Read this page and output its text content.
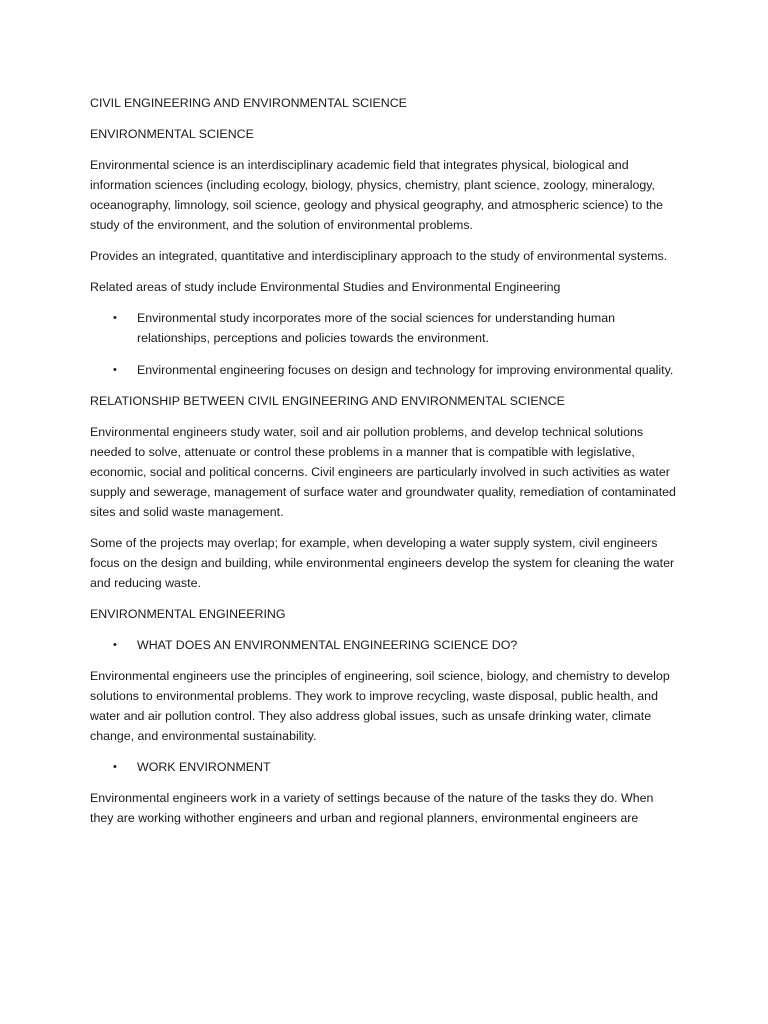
CIVIL ENGINEERING AND ENVIRONMENTAL SCIENCE

ENVIRONMENTAL SCIENCE

Environmental science is an interdisciplinary academic field that integrates physical, biological and information sciences (including ecology, biology, physics, chemistry, plant science, zoology, mineralogy, oceanography, limnology, soil science, geology and physical geography, and atmospheric science) to the study of the environment, and the solution of environmental problems.

Provides an integrated, quantitative and interdisciplinary approach to the study of environmental systems.

Related areas of study include Environmental Studies and Environmental Engineering

• Environmental study incorporates more of the social sciences for understanding human relationships, perceptions and policies towards the environment.
• Environmental engineering focuses on design and technology for improving environmental quality.

RELATIONSHIP BETWEEN CIVIL ENGINEERING AND ENVIRONMENTAL SCIENCE

Environmental engineers study water, soil and air pollution problems, and develop technical solutions needed to solve, attenuate or control these problems in a manner that is compatible with legislative, economic, social and political concerns. Civil engineers are particularly involved in such activities as water supply and sewerage, management of surface water and groundwater quality, remediation of contaminated sites and solid waste management.

Some of the projects may overlap; for example, when developing a water supply system, civil engineers focus on the design and building, while environmental engineers develop the system for cleaning the water and reducing waste.

ENVIRONMENTAL ENGINEERING

• WHAT DOES AN ENVIRONMENTAL ENGINEERING SCIENCE DO?

Environmental engineers use the principles of engineering, soil science, biology, and chemistry to develop solutions to environmental problems. They work to improve recycling, waste disposal, public health, and water and air pollution control. They also address global issues, such as unsafe drinking water, climate change, and environmental sustainability.

• WORK ENVIRONMENT

Environmental engineers work in a variety of settings because of the nature of the tasks they do. When they are working withother engineers and urban and regional planners, environmental engineers are
